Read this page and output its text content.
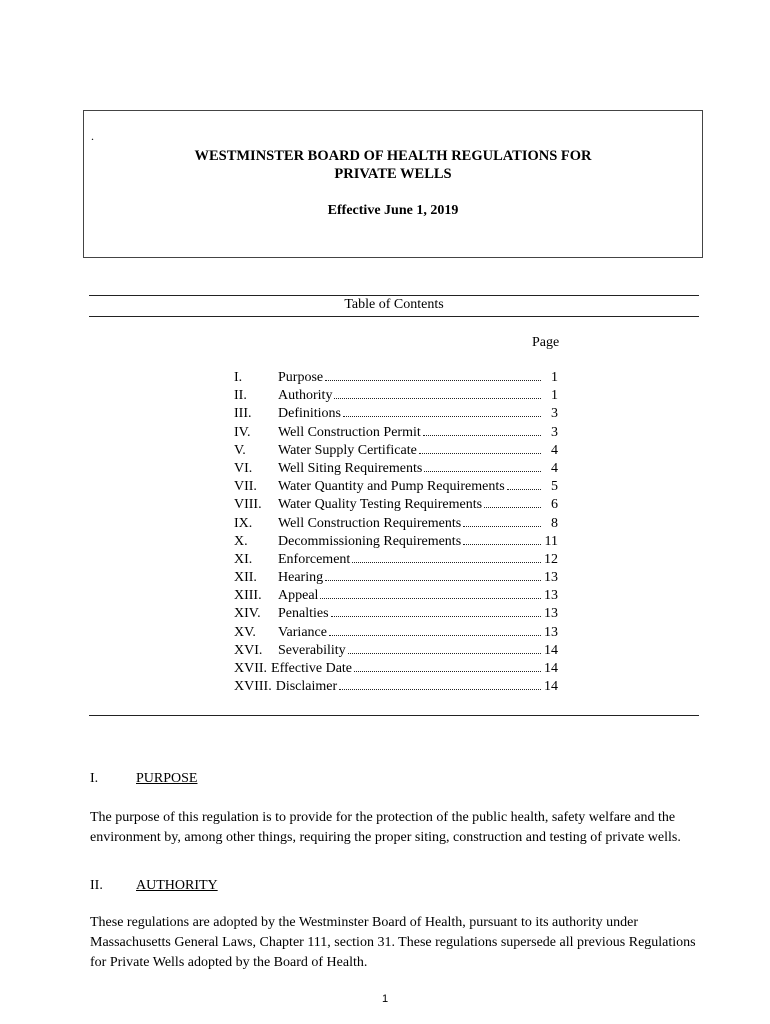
.
WESTMINSTER BOARD OF HEALTH REGULATIONS FOR
PRIVATE WELLS
Effective June 1, 2019
Table of Contents
Page
I.	Purpose	1
II.	Authority	1
III.	Definitions	3
IV.	Well Construction Permit	3
V.	Water Supply Certificate	4
VI.	Well Siting Requirements	4
VII.	Water Quantity and Pump Requirements	5
VIII.	Water Quality Testing Requirements	6
IX.	Well Construction Requirements	8
X.	Decommissioning Requirements	11
XI.	Enforcement	12
XII.	Hearing	13
XIII.	Appeal	13
XIV.	Penalties	13
XV.	Variance	13
XVI.	Severability	14
XVII. Effective Date	14
XVIII. Disclaimer	14
I.	PURPOSE
The purpose of this regulation is to provide for the protection of the public health, safety welfare and the environment by, among other things, requiring the proper siting, construction and testing of private wells.
II. AUTHORITY
These regulations are adopted by the Westminster Board of Health, pursuant to its authority under Massachusetts General Laws, Chapter 111, section 31. These regulations supersede all previous Regulations for Private Wells adopted by the Board of Health.
1
